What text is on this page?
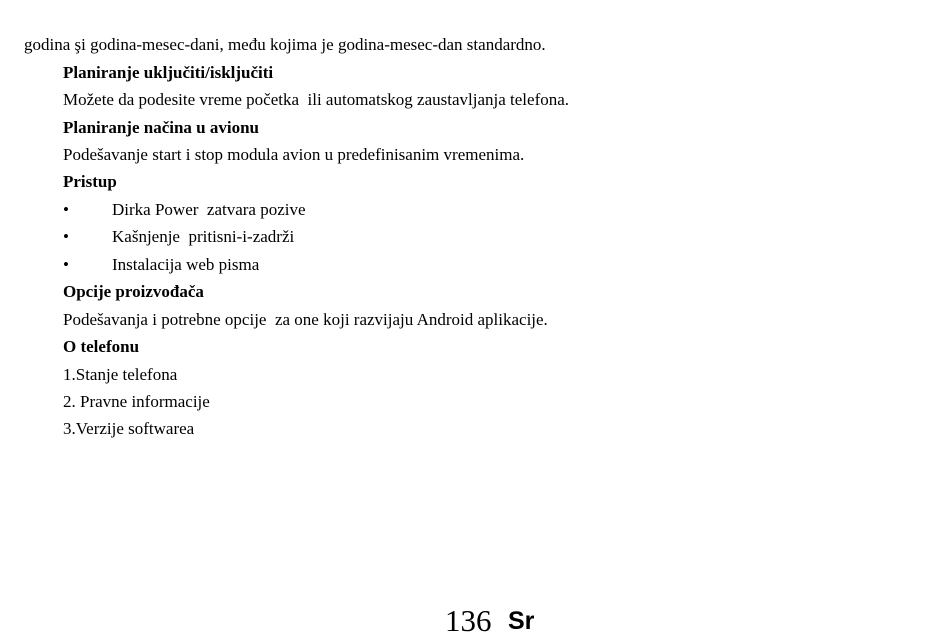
godina şi godina-mesec-dani, među kojima je godina-mesec-dan standardno.
Planiranje uključiti/isključiti
Možete da podesite vreme početka  ili automatskog zaustavljanja telefona.
Planiranje načina u avionu
Podešavanje start i stop modula avion u predefinisanim vremenima.
Pristup
•	Dirka Power  zatvara pozive
•	Kašnjenje  pritisni-i-zadrži
•	Instalacija web pisma
Opcije proizvođača
Podešavanja i potrebne opcije  za one koji razvijaju Android aplikacije.
O telefonu
1.Stanje telefona
2. Pravne informacije
3.Verzije softwarea
136 Sr
